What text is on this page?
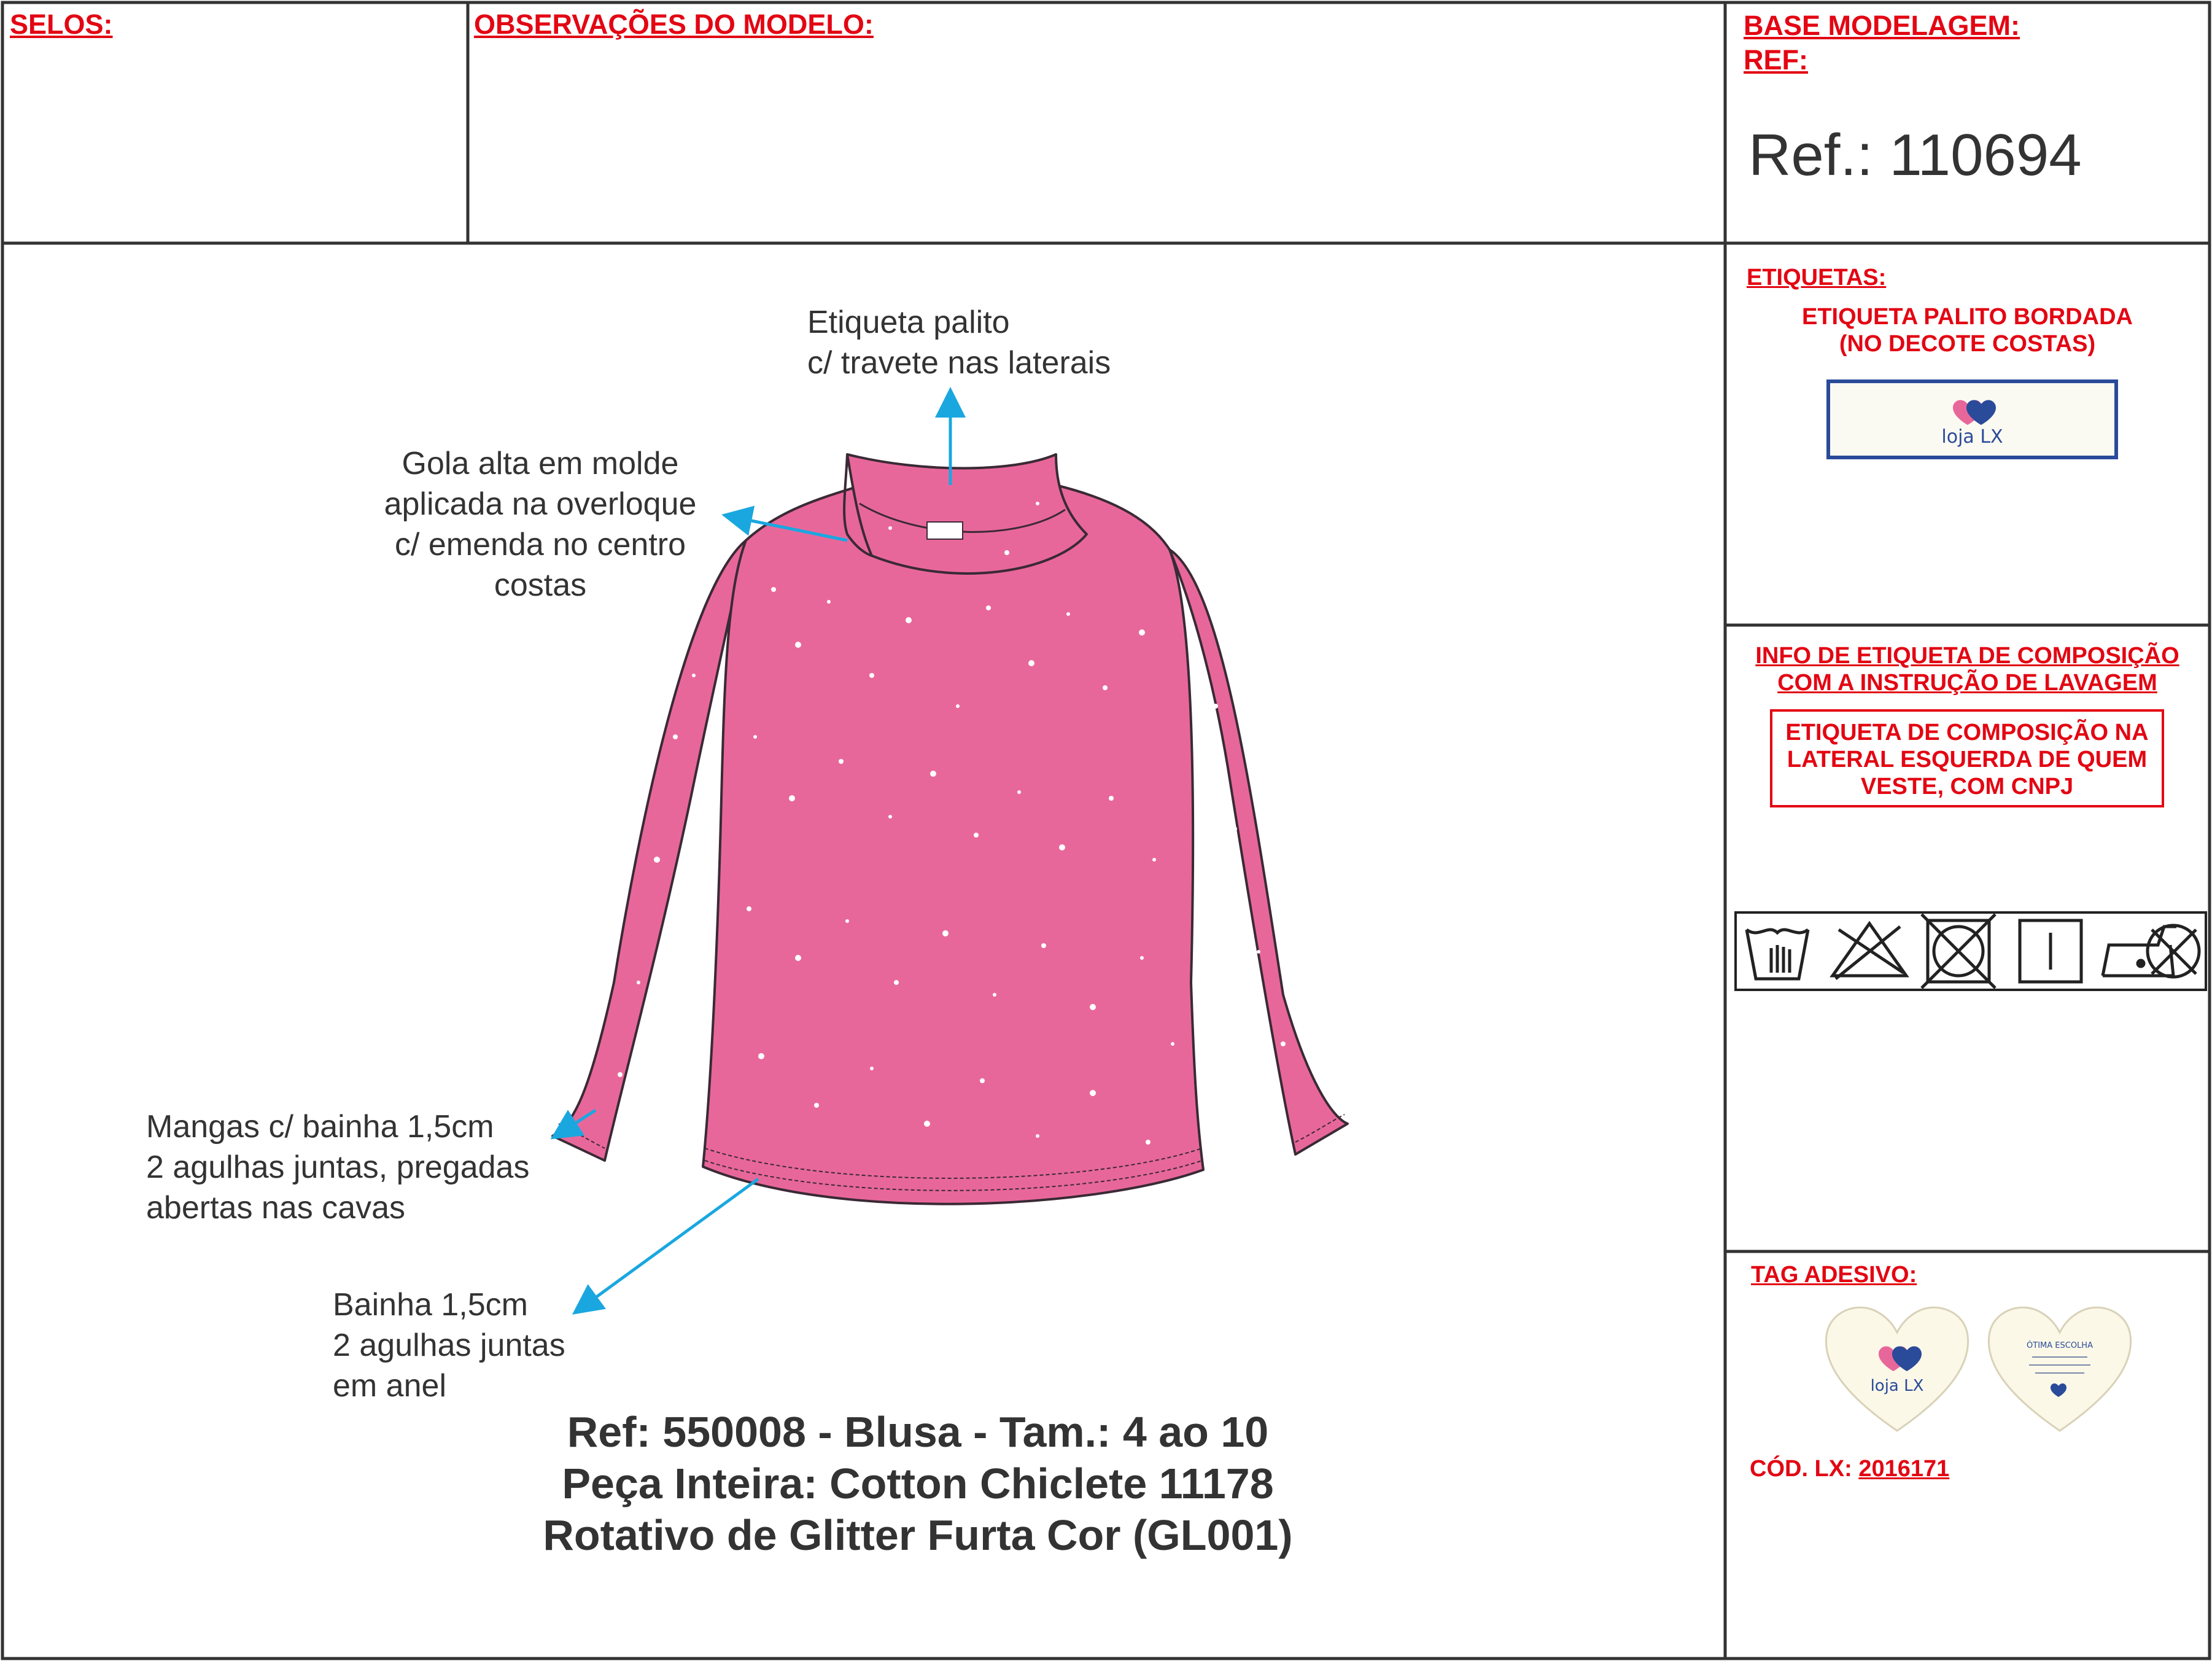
SELOS:	OBSERVAÇÕES DO MODELO:	BASE MODELAGEM:
REF:
Ref.: 110694
Etiqueta palito
c/ travete nas laterais
Gola alta em molde
aplicada na overloque
c/ emenda no centro
costas
Mangas c/ bainha 1,5cm
2 agulhas juntas, pregadas
abertas nas cavas
Bainha 1,5cm
2 agulhas juntas
em anel
Ref: 550008 - Blusa - Tam.: 4 ao 10
Peça Inteira: Cotton Chiclete 11178
Rotativo de Glitter Furta Cor (GL001)
ETIQUETAS:
ETIQUETA PALITO BORDADA
(NO DECOTE COSTAS)
loja LX
INFO DE ETIQUETA DE COMPOSIÇÃO
COM A INSTRUÇÃO DE LAVAGEM
ETIQUETA DE COMPOSIÇÃO NA
LATERAL ESQUERDA DE QUEM
VESTE, COM CNPJ
TAG ADESIVO:
loja LX
ÓTIMA ESCOLHA
CÓD. LX: 2016171
